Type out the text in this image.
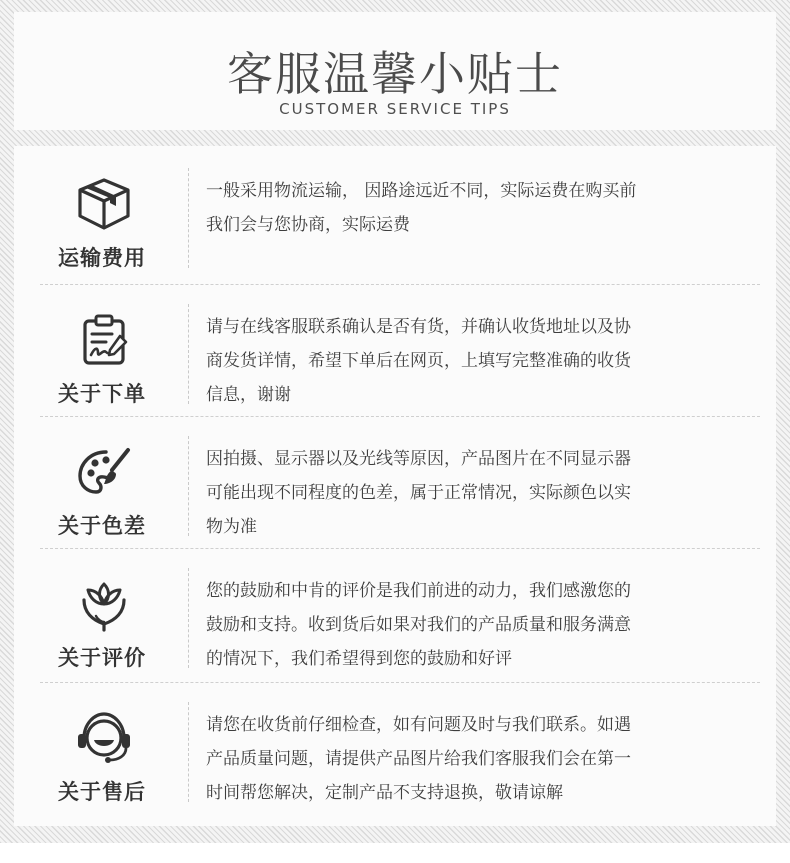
客服温馨小贴士
CUSTOMER SERVICE TIPS
运输费用
一般采用物流运输， 因路途远近不同，实际运费在购买前
我们会与您协商，实际运费
关于下单
请与在线客服联系确认是否有货，并确认收货地址以及协
商发货详情，希望下单后在网页，上填写完整准确的收货
信息，谢谢
关于色差
因拍摄、显示器以及光线等原因，产品图片在不同显示器
可能出现不同程度的色差，属于正常情况，实际颜色以实
物为准
关于评价
您的鼓励和中肯的评价是我们前进的动力，我们感激您的
鼓励和支持。收到货后如果对我们的产品质量和服务满意
的情况下，我们希望得到您的鼓励和好评
关于售后
请您在收货前仔细检查，如有问题及时与我们联系。如遇
产品质量问题，请提供产品图片给我们客服我们会在第一
时间帮您解决，定制产品不支持退换，敬请谅解
